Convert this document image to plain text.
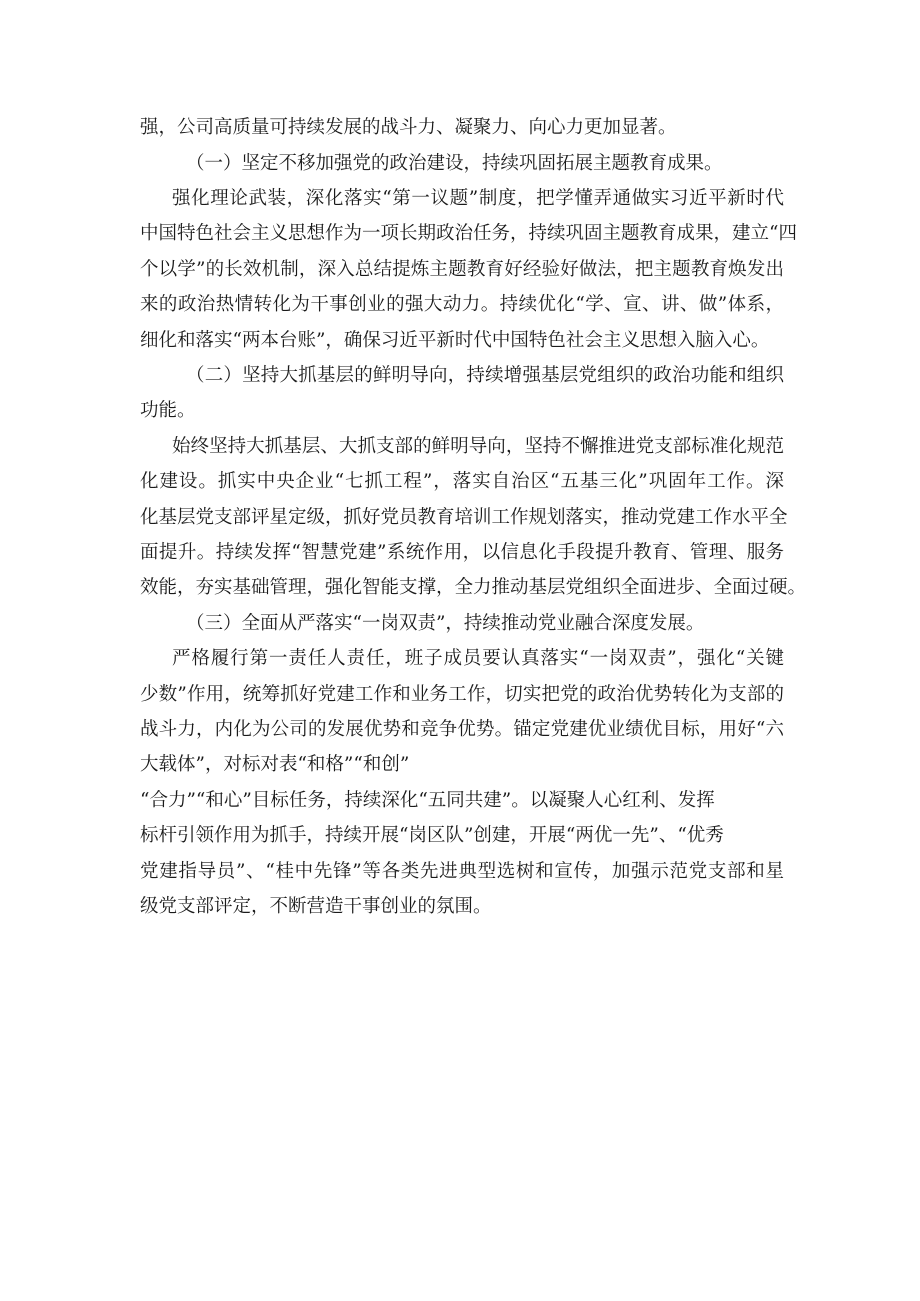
强，公司高质量可持续发展的战斗力、凝聚力、向心力更加显著。
（一）坚定不移加强党的政治建设，持续巩固拓展主题教育成果。
强化理论武装，深化落实“第一议题”制度，把学懂弄通做实习近平新时代
中国特色社会主义思想作为一项长期政治任务，持续巩固主题教育成果，建立“四
个以学”的长效机制，深入总结提炼主题教育好经验好做法，把主题教育焕发出
来的政治热情转化为干事创业的强大动力。持续优化“学、宣、讲、做”体系，
细化和落实“两本台账”，确保习近平新时代中国特色社会主义思想入脑入心。
（二）坚持大抓基层的鲜明导向，持续增强基层党组织的政治功能和组织
功能。
始终坚持大抓基层、大抓支部的鲜明导向，坚持不懈推进党支部标准化规范
化建设。抓实中央企业“七抓工程”，落实自治区“五基三化”巩固年工作。深
化基层党支部评星定级，抓好党员教育培训工作规划落实，推动党建工作水平全
面提升。持续发挥“智慧党建”系统作用，以信息化手段提升教育、管理、服务
效能，夯实基础管理，强化智能支撑，全力推动基层党组织全面进步、全面过硬。
（三）全面从严落实“一岗双责”，持续推动党业融合深度发展。
严格履行第一责任人责任，班子成员要认真落实“一岗双责”，强化“关键
少数”作用，统筹抓好党建工作和业务工作，切实把党的政治优势转化为支部的
战斗力，内化为公司的发展优势和竞争优势。锚定党建优业绩优目标，用好“六
大载体”，对标对表“和格”“和创”
“合力”“和心”目标任务，持续深化“五同共建”。以凝聚人心红利、发挥
标杆引领作用为抓手，持续开展“岗区队”创建，开展“两优一先”、“优秀
党建指导员”、“桂中先锋”等各类先进典型选树和宣传，加强示范党支部和星
级党支部评定，不断营造干事创业的氛围。
